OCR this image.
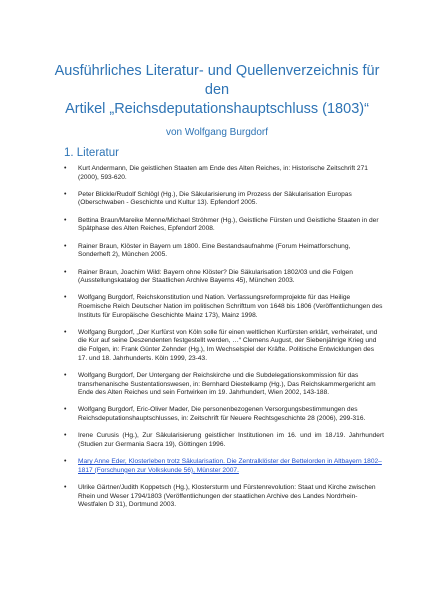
Ausführliches Literatur- und Quellenverzeichnis für den
Artikel „Reichsdeputationshauptschluss (1803)“

von Wolfgang Burgdorf

1. Literatur
• Kurt Andermann, Die geistlichen Staaten am Ende des Alten Reiches, in: Historische Zeitschrift 271 (2000), 593-620.
• Peter Blickle/Rudolf Schlögl (Hg.), Die Säkularisierung im Prozess der Säkularisation Europas (Oberschwaben - Geschichte und Kultur 13). Epfendorf 2005.
• Bettina Braun/Mareike Menne/Michael Ströhmer (Hg.), Geistliche Fürsten und Geistliche Staaten in der Spätphase des Alten Reiches, Epfendorf 2008.
• Rainer Braun, Klöster in Bayern um 1800. Eine Bestandsaufnahme (Forum Heimatforschung, Sonderheft 2), München 2005.
• Rainer Braun, Joachim Wild: Bayern ohne Klöster? Die Säkularisation 1802/03 und die Folgen (Ausstellungskatalog der Staatlichen Archive Bayerns 45), München 2003.
• Wolfgang Burgdorf, Reichskonstitution und Nation. Verfassungsreformprojekte für das Heilige Roemische Reich Deutscher Nation im politischen Schrifttum von 1648 bis 1806 (Veröffentlichungen des Instituts für Europäische Geschichte Mainz 173), Mainz 1998.
• Wolfgang Burgdorf, „Der Kurfürst von Köln solle für einen weltlichen Kurfürsten erklärt, verheiratet, und die Kur auf seine Deszendenten festgestellt werden, …“ Clemens August, der Siebenjährige Krieg und die Folgen, in: Frank Günter Zehnder (Hg.), Im Wechselspiel der Kräfte. Politische Entwicklungen des 17. und 18. Jahrhunderts. Köln 1999, 23-43.
• Wolfgang Burgdorf, Der Untergang der Reichskirche und die Subdelegationskommission für das transrhenanische Sustentationswesen, in: Bernhard Diestelkamp (Hg.), Das Reichskammergericht am Ende des Alten Reiches und sein Fortwirken im 19. Jahrhundert, Wien 2002, 143-188.
• Wolfgang Burgdorf, Eric-Oliver Mader, Die personenbezogenen Versorgungsbestimmungen des Reichsdeputationshauptschlusses, in: Zeitschrift für Neuere Rechtsgeschichte 28 (2006), 299-316.
• Irene Curusis (Hg.), Zur Säkularisierung geistlicher Institutionen im 16. und im 18./19. Jahrhundert (Studien zur Germania Sacra 19), Göttingen 1996.
• Mary Anne Eder, Klosterleben trotz Säkularisation. Die Zentralklöster der Bettelorden in Altbayern 1802–1817 (Forschungen zur Volkskunde 56), Münster 2007.
• Ulrike Gärtner/Judith Koppetsch (Hg.), Klostersturm und Fürstenrevolution: Staat und Kirche zwischen Rhein und Weser 1794/1803 (Veröffentlichungen der staatlichen Archive des Landes Nordrhein-Westfalen D 31), Dortmund 2003.
